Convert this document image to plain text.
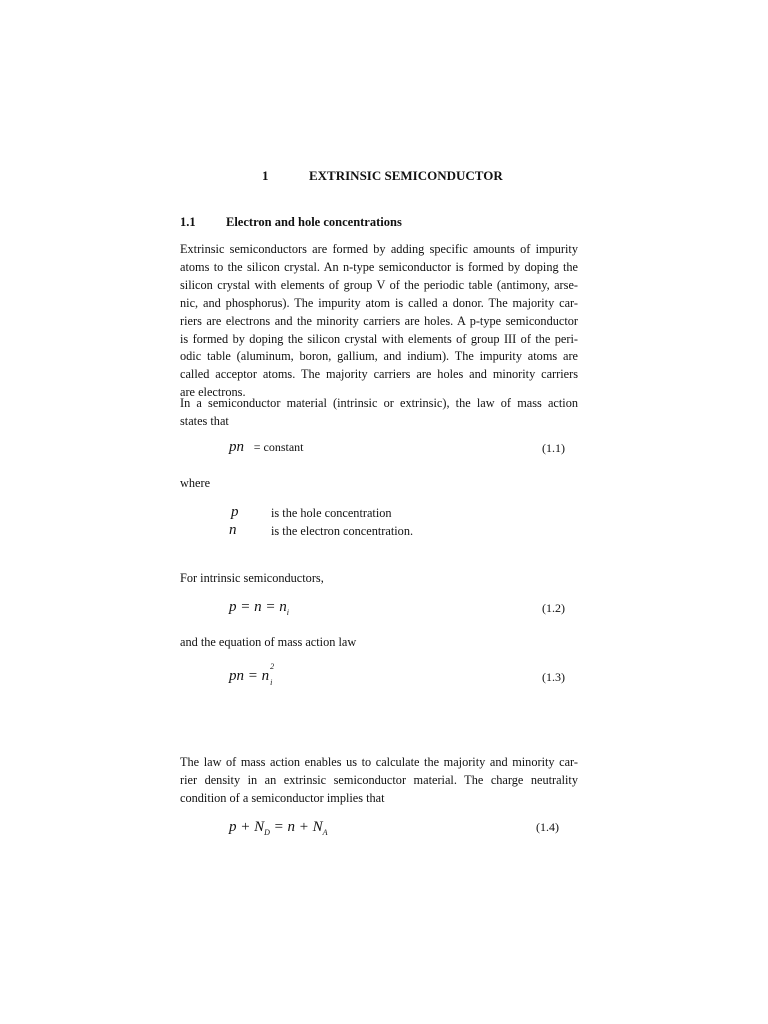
1	EXTRINSIC SEMICONDUCTOR
1.1 Electron and hole concentrations
Extrinsic semiconductors are formed by adding specific amounts of impurity
atoms to the silicon crystal. An n-type semiconductor is formed by doping the
silicon crystal with elements of group V of the periodic table (antimony, arse-
nic, and phosphorus). The impurity atom is called a donor. The majority car-
riers are electrons and the minority carriers are holes. A p-type semiconductor
is formed by doping the silicon crystal with elements of group III of the peri-
odic table (aluminum, boron, gallium, and indium). The impurity atoms are
called acceptor atoms. The majority carriers are holes and minority carriers
are electrons.
In a semiconductor material (intrinsic or extrinsic), the law of mass action
states that
pn = constant	(1.1)
where
p	is the hole concentration
n	is the electron concentration.
For intrinsic semiconductors,
$p = n = n_i$	(1.2)
and the equation of mass action law
pn = n
2
i	(1.3)
The law of mass action enables us to calculate the majority and minority car-
rier density in an extrinsic semiconductor material. The charge neutrality
condition of a semiconductor implies that
$p + N_D = n + N_A$	(1.4)
